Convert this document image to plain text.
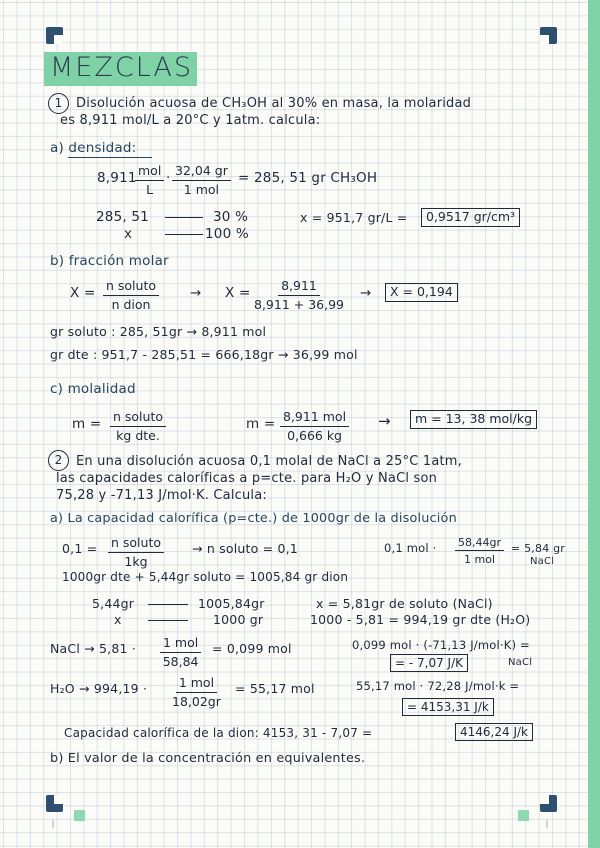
MEZCLAS
1	Disolución acuosa de CH₃OH al 30% en masa, la molaridad
es 8,911 mol/L a 20°C y 1atm. calcula:
a) densidad:
8,911 mol
L
· 32,04 gr
1 mol
= 285, 51 gr CH₃OH
285, 51	30 %
x	100 %
x = 951,7 gr/L =	0,9517 gr/cm³
b) fracción molar
X = n soluto
n dion
→ $X = \frac{8,911}{8,911 + 36,99}$ →	X = 0,194
gr soluto : 285, 51gr → 8,911 mol
gr dte : 951,7 - 285,51 = 666,18gr → 36,99 mol
c) molalidad
m = n soluto
kg dte.
m = 8,911 mol
0,666 kg
→	m = 13, 38 mol/kg
2	En una disolución acuosa 0,1 molal de NaCl a 25°C 1atm,
las capacidades caloríficas a p=cte. para H₂O y NaCl son
75,28 y -71,13 J/mol·K. Calcula:
a) La capacidad calorífica (p=cte.) de 1000gr de la disolución
0,1 = n soluto
1kg
→ n soluto = 0,1	0,1 mol · 58,44gr
1 mol
= 5,84 gr
NaCl
1000gr dte + 5,44gr soluto = 1005,84 gr dion
5,44gr	1005,84gr	x = 5,81gr de soluto (NaCl)
x	1000 gr	1000 - 5,81 = 994,19 gr dte (H₂O)
NaCl → 5,81 · 1 mol
58,84
= 0,099 mol	0,099 mol · (-71,13 J/mol·K) =
= - 7,07 J/K	NaCl
H₂O → 994,19 ·	1 mol
18,02gr
= 55,17 mol	55,17 mol · 72,28 J/mol·k =
= 4153,31 J/k
Capacidad calorífica de la dion: 4153, 31 - 7,07 =	4146,24 J/k
b) El valor de la concentración en equivalentes.
